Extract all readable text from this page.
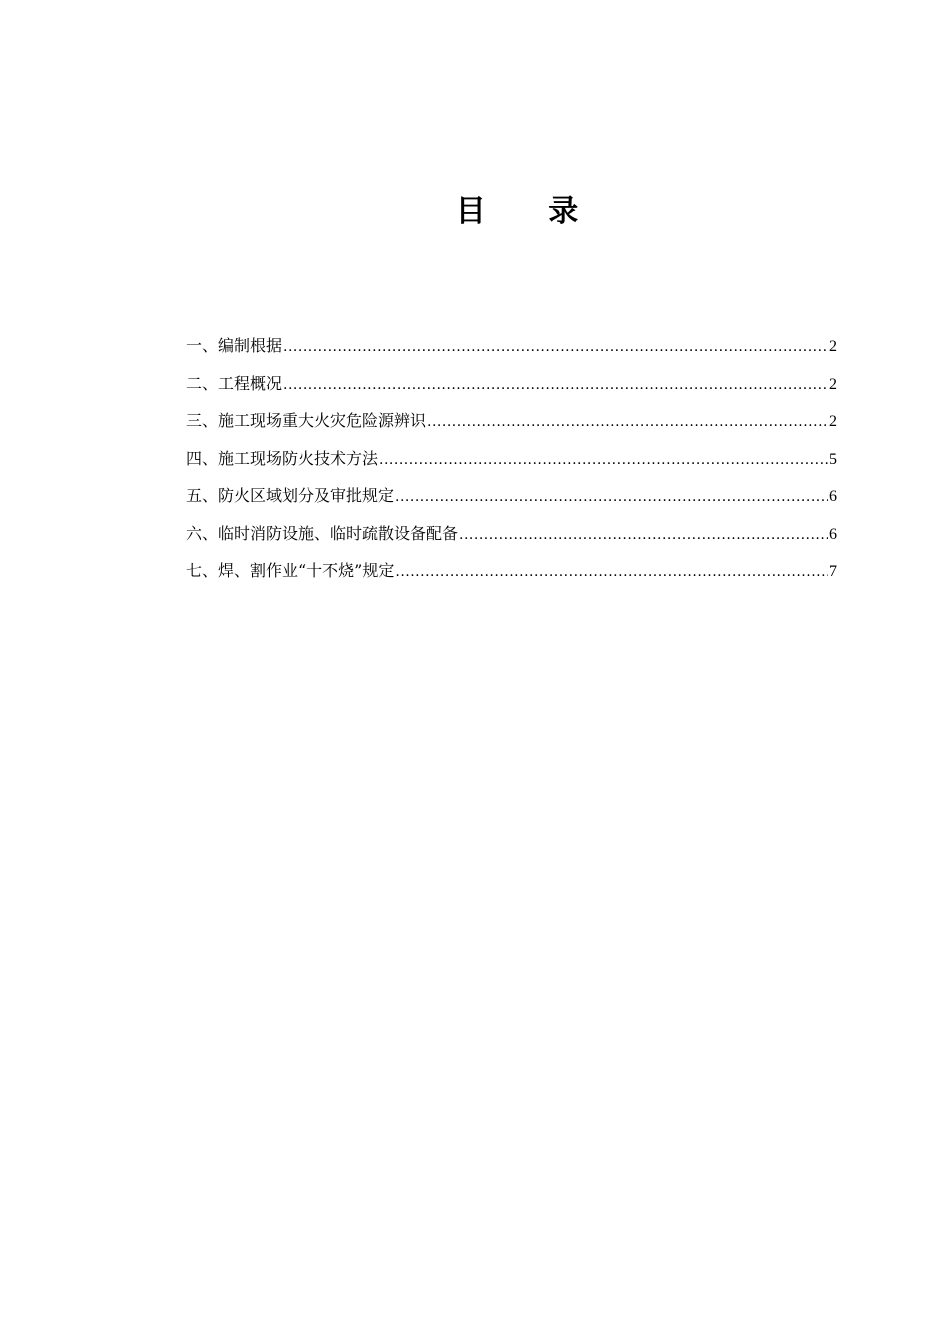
目 录
一、编制根据 .....	2
二、工程概况 .....	2
三、施工现场重大火灾危险源辨识 .....	2
四、施工现场防火技术方法 .....	5
五、防火区域划分及审批规定 .....	6
六、临时消防设施、临时疏散设备配备 .....	6
七、焊、割作业“十不烧”规定 .....	7
